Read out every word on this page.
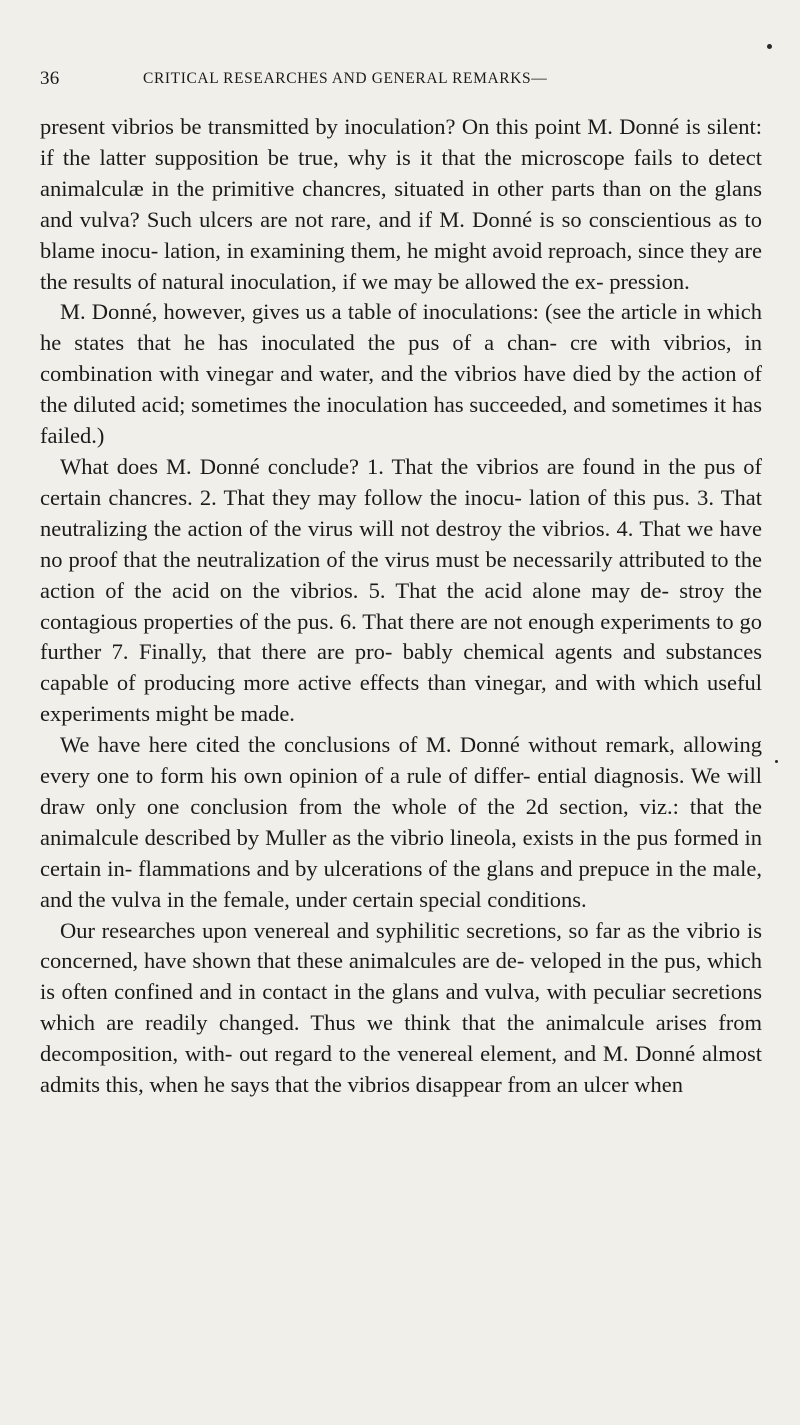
36	CRITICAL RESEARCHES AND GENERAL REMARKS—

present vibrios be transmitted by inoculation? On this point M. Donné is silent: if the latter supposition be true, why is it that the microscope fails to detect animalculæ in the primitive chancres, situated in other parts than on the glans and vulva? Such ulcers are not rare, and if M. Donné is so conscientious as to blame inocu- lation, in examining them, he might avoid reproach, since they are the results of natural inoculation, if we may be allowed the ex- pression.

M. Donné, however, gives us a table of inoculations: (see the article in which he states that he has inoculated the pus of a chan- cre with vibrios, in combination with vinegar and water, and the vibrios have died by the action of the diluted acid; sometimes the inoculation has succeeded, and sometimes it has failed.)

What does M. Donné conclude? 1. That the vibrios are found in the pus of certain chancres. 2. That they may follow the inocu- lation of this pus. 3. That neutralizing the action of the virus will not destroy the vibrios. 4. That we have no proof that the neutralization of the virus must be necessarily attributed to the action of the acid on the vibrios. 5. That the acid alone may de- stroy the contagious properties of the pus. 6. That there are not enough experiments to go further 7. Finally, that there are pro- bably chemical agents and substances capable of producing more active effects than vinegar, and with which useful experiments might be made.

We have here cited the conclusions of M. Donné without remark, allowing every one to form his own opinion of a rule of differ- ential diagnosis. We will draw only one conclusion from the whole of the 2d section, viz.: that the animalcule described by Muller as the vibrio lineola, exists in the pus formed in certain in- flammations and by ulcerations of the glans and prepuce in the male, and the vulva in the female, under certain special conditions.

Our researches upon venereal and syphilitic secretions, so far as the vibrio is concerned, have shown that these animalcules are de- veloped in the pus, which is often confined and in contact in the glans and vulva, with peculiar secretions which are readily changed. Thus we think that the animalcule arises from decomposition, with- out regard to the venereal element, and M. Donné almost admits this, when he says that the vibrios disappear from an ulcer when
